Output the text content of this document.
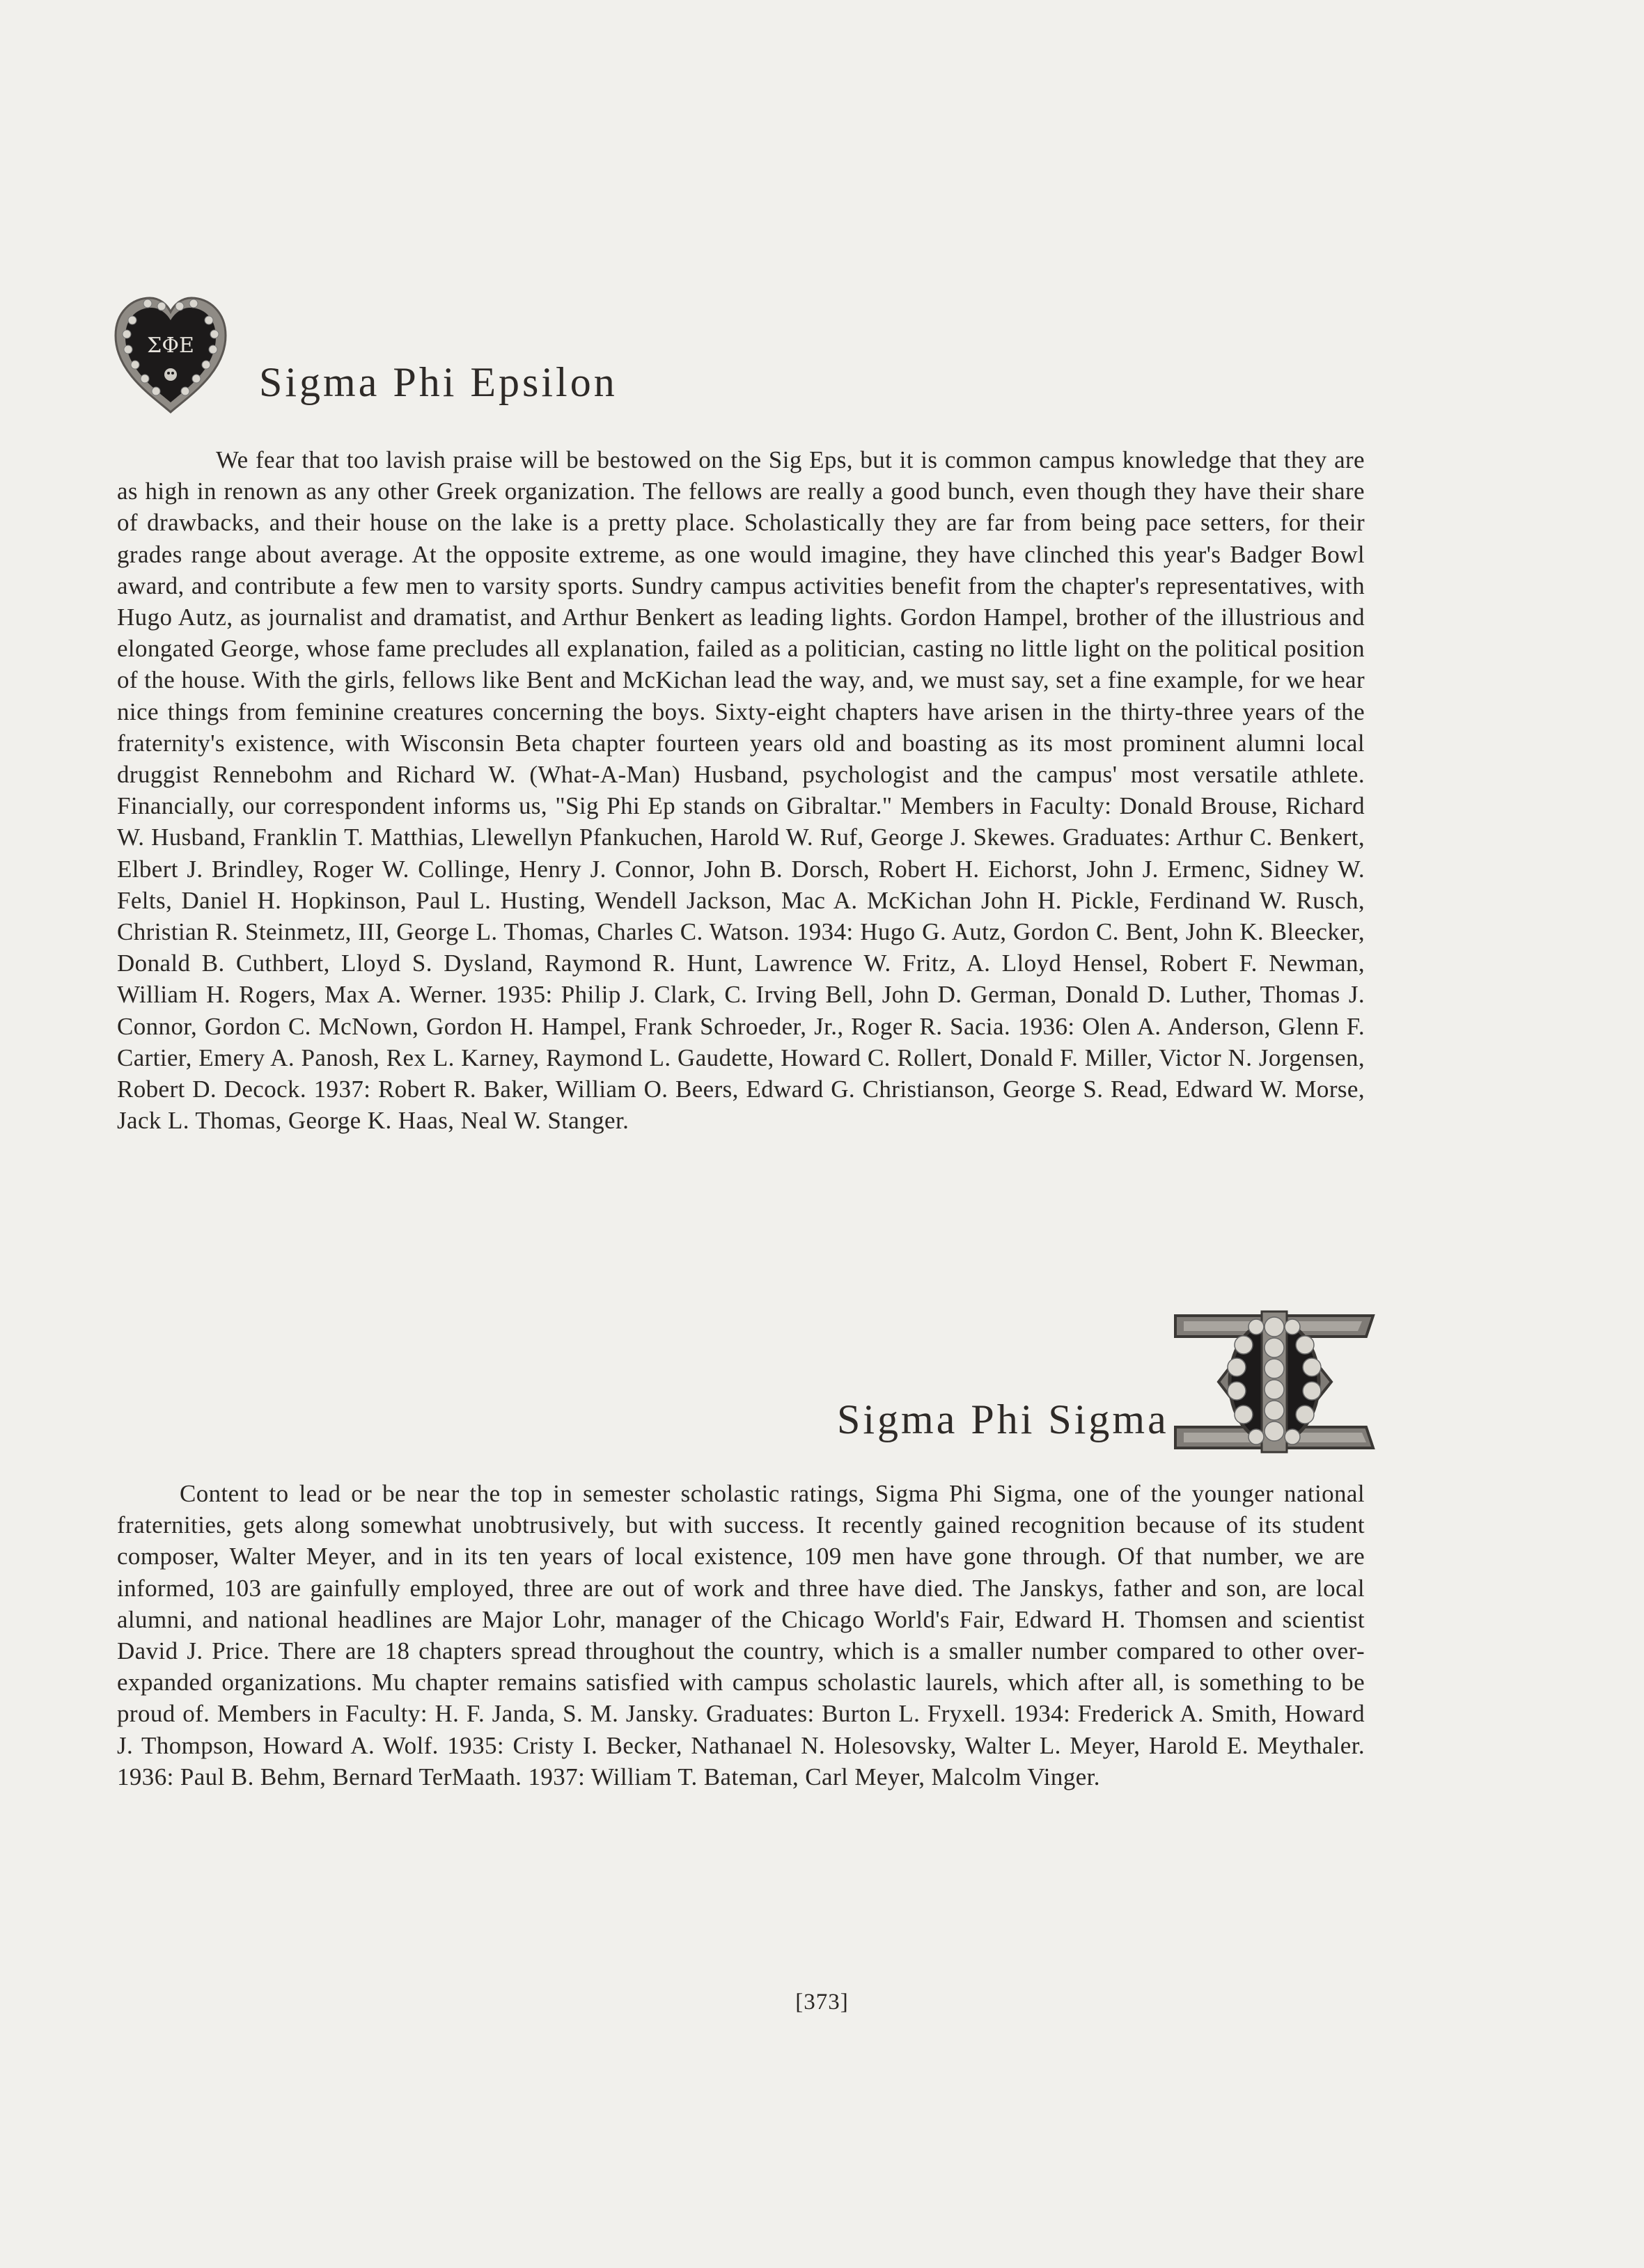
ΣΦΕ
Sigma Phi Epsilon

We fear that too lavish praise will be bestowed on the Sig Eps, but it is common campus knowledge that they are as high in renown as any other Greek organization. The fellows are really a good bunch, even though they have their share of drawbacks, and their house on the lake is a pretty place. Scholastically they are far from being pace setters, for their grades range about average. At the opposite extreme, as one would imagine, they have clinched this year's Badger Bowl award, and contribute a few men to varsity sports. Sundry campus activities benefit from the chapter's representatives, with Hugo Autz, as journalist and dramatist, and Arthur Benkert as leading lights. Gordon Hampel, brother of the illustrious and elongated George, whose fame precludes all explanation, failed as a politician, casting no little light on the political position of the house. With the girls, fellows like Bent and McKichan lead the way, and, we must say, set a fine example, for we hear nice things from feminine creatures concerning the boys. Sixty-eight chapters have arisen in the thirty-three years of the fraternity's existence, with Wisconsin Beta chapter fourteen years old and boasting as its most prominent alumni local druggist Rennebohm and Richard W. (What-A-Man) Husband, psychologist and the campus' most versatile athlete. Financially, our correspondent informs us, "Sig Phi Ep stands on Gibraltar." Members in Faculty: Donald Brouse, Richard W. Husband, Franklin T. Matthias, Llewellyn Pfankuchen, Harold W. Ruf, George J. Skewes. Graduates: Arthur C. Benkert, Elbert J. Brindley, Roger W. Collinge, Henry J. Connor, John B. Dorsch, Robert H. Eichorst, John J. Ermenc, Sidney W. Felts, Daniel H. Hopkinson, Paul L. Husting, Wendell Jackson, Mac A. McKichan John H. Pickle, Ferdinand W. Rusch, Christian R. Steinmetz, III, George L. Thomas, Charles C. Watson. 1934: Hugo G. Autz, Gordon C. Bent, John K. Bleecker, Donald B. Cuthbert, Lloyd S. Dysland, Raymond R. Hunt, Lawrence W. Fritz, A. Lloyd Hensel, Robert F. Newman, William H. Rogers, Max A. Werner. 1935: Philip J. Clark, C. Irving Bell, John D. German, Donald D. Luther, Thomas J. Connor, Gordon C. McNown, Gordon H. Hampel, Frank Schroeder, Jr., Roger R. Sacia. 1936: Olen A. Anderson, Glenn F. Cartier, Emery A. Panosh, Rex L. Karney, Raymond L. Gaudette, Howard C. Rollert, Donald F. Miller, Victor N. Jorgensen, Robert D. Decock. 1937: Robert R. Baker, William O. Beers, Edward G. Christianson, George S. Read, Edward W. Morse, Jack L. Thomas, George K. Haas, Neal W. Stanger.

Sigma Phi Sigma

Content to lead or be near the top in semester scholastic ratings, Sigma Phi Sigma, one of the younger national fraternities, gets along somewhat unobtrusively, but with success. It recently gained recognition because of its student composer, Walter Meyer, and in its ten years of local existence, 109 men have gone through. Of that number, we are informed, 103 are gainfully employed, three are out of work and three have died. The Janskys, father and son, are local alumni, and national headlines are Major Lohr, manager of the Chicago World's Fair, Edward H. Thomsen and scientist David J. Price. There are 18 chapters spread throughout the country, which is a smaller number compared to other over-expanded organizations. Mu chapter remains satisfied with campus scholastic laurels, which after all, is something to be proud of. Members in Faculty: H. F. Janda, S. M. Jansky. Graduates: Burton L. Fryxell. 1934: Frederick A. Smith, Howard J. Thompson, Howard A. Wolf. 1935: Cristy I. Becker, Nathanael N. Holesovsky, Walter L. Meyer, Harold E. Meythaler. 1936: Paul B. Behm, Bernard TerMaath. 1937: William T. Bateman, Carl Meyer, Malcolm Vinger.

[373]
